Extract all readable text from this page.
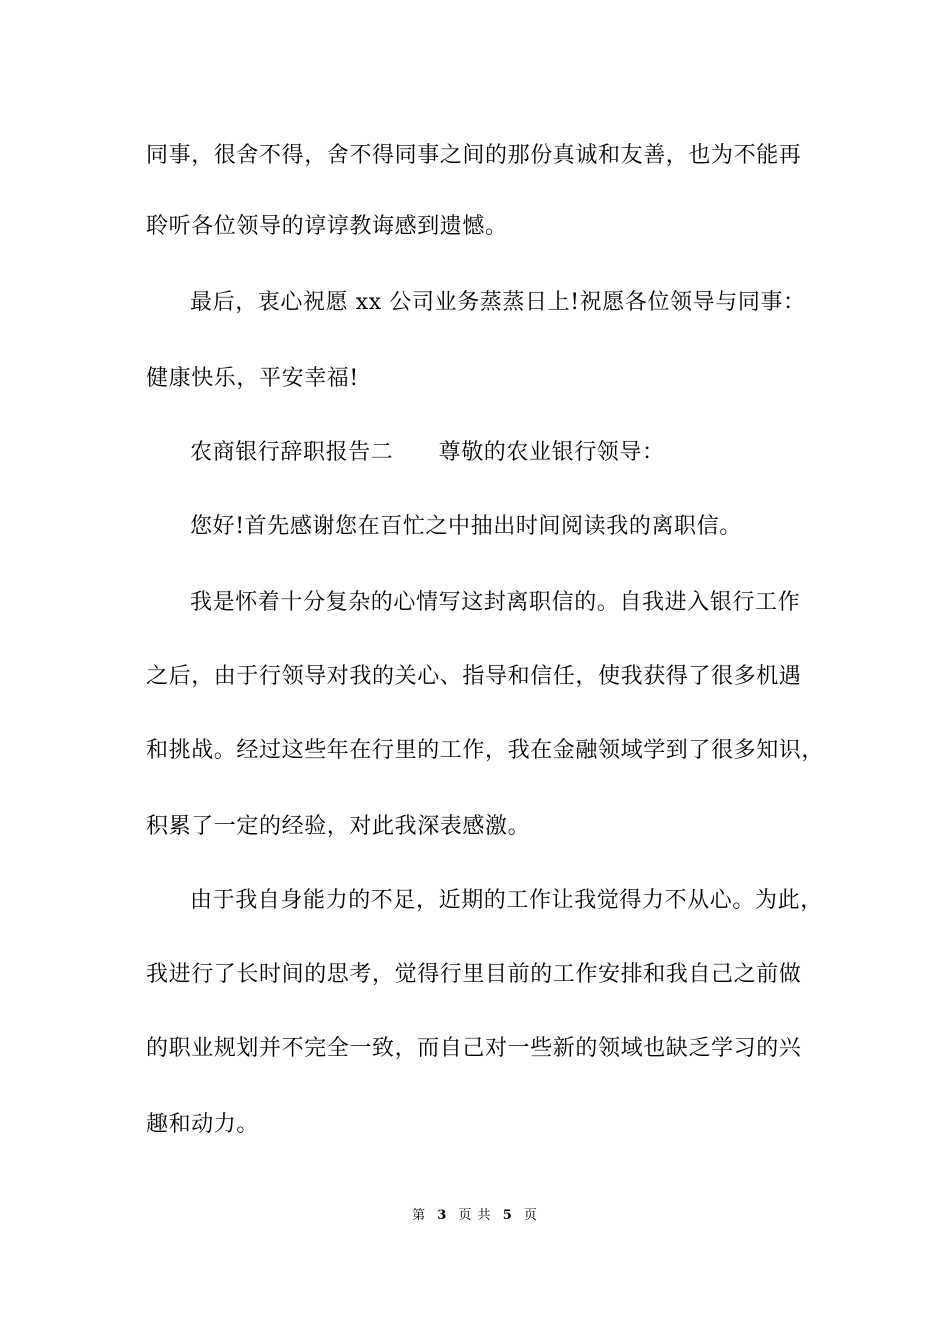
同事，很舍不得，舍不得同事之间的那份真诚和友善，也为不能再
聆听各位领导的谆谆教诲感到遗憾。
最后，衷心祝愿 xx 公司业务蒸蒸日上!祝愿各位领导与同事：
健康快乐，平安幸福!
农商银行辞职报告二　　尊敬的农业银行领导：
您好!首先感谢您在百忙之中抽出时间阅读我的离职信。
我是怀着十分复杂的心情写这封离职信的。自我进入银行工作
之后，由于行领导对我的关心、指导和信任，使我获得了很多机遇
和挑战。经过这些年在行里的工作，我在金融领域学到了很多知识，
积累了一定的经验，对此我深表感激。
由于我自身能力的不足，近期的工作让我觉得力不从心。为此，
我进行了长时间的思考，觉得行里目前的工作安排和我自己之前做
的职业规划并不完全一致，而自己对一些新的领域也缺乏学习的兴
趣和动力。
第 3 页 共 5 页
